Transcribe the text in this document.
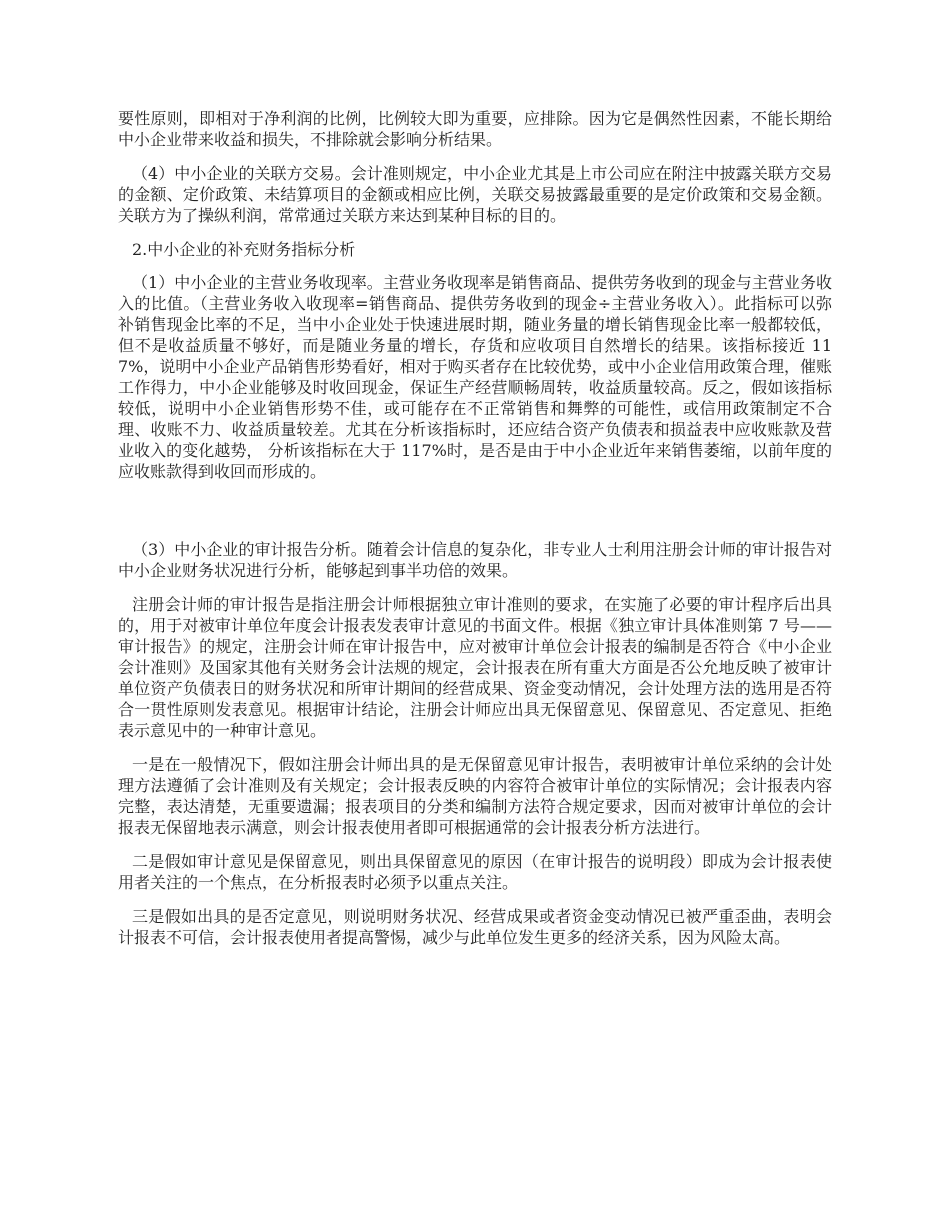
要性原则，即相对于净利润的比例，比例较大即为重要，应排除。因为它是偶然性因素，不能长期给中小企业带来收益和损失，不排除就会影响分析结果。

（4）中小企业的关联方交易。会计准则规定，中小企业尤其是上市公司应在附注中披露关联方交易的金额、定价政策、未结算项目的金额或相应比例，关联交易披露最重要的是定价政策和交易金额。关联方为了操纵利润，常常通过关联方来达到某种目标的目的。

2.中小企业的补充财务指标分析

（1）中小企业的主营业务收现率。主营业务收现率是销售商品、提供劳务收到的现金与主营业务收入的比值。（主营业务收入收现率=销售商品、提供劳务收到的现金÷主营业务收入）。此指标可以弥补销售现金比率的不足，当中小企业处于快速进展时期，随业务量的增长销售现金比率一般都较低，但不是收益质量不够好，而是随业务量的增长，存货和应收项目自然增长的结果。该指标接近 117%，说明中小企业产品销售形势看好，相对于购买者存在比较优势，或中小企业信用政策合理，催账工作得力，中小企业能够及时收回现金，保证生产经营顺畅周转，收益质量较高。反之，假如该指标较低，说明中小企业销售形势不佳，或可能存在不正常销售和舞弊的可能性，或信用政策制定不合理、收账不力、收益质量较差。尤其在分析该指标时，还应结合资产负债表和损益表中应收账款及营业收入的变化越势， 分析该指标在大于 117%时，是否是由于中小企业近年来销售萎缩，以前年度的应收账款得到收回而形成的。

（3）中小企业的审计报告分析。随着会计信息的复杂化，非专业人士利用注册会计师的审计报告对中小企业财务状况进行分析，能够起到事半功倍的效果。

注册会计师的审计报告是指注册会计师根据独立审计准则的要求，在实施了必要的审计程序后出具的，用于对被审计单位年度会计报表发表审计意见的书面文件。根据《独立审计具体准则第 7 号——审计报告》的规定，注册会计师在审计报告中，应对被审计单位会计报表的编制是否符合《中小企业会计准则》及国家其他有关财务会计法规的规定，会计报表在所有重大方面是否公允地反映了被审计单位资产负债表日的财务状况和所审计期间的经营成果、资金变动情况，会计处理方法的选用是否符合一贯性原则发表意见。根据审计结论，注册会计师应出具无保留意见、保留意见、否定意见、拒绝表示意见中的一种审计意见。

一是在一般情况下，假如注册会计师出具的是无保留意见审计报告，表明被审计单位采纳的会计处理方法遵循了会计准则及有关规定；会计报表反映的内容符合被审计单位的实际情况；会计报表内容完整，表达清楚，无重要遗漏；报表项目的分类和编制方法符合规定要求，因而对被审计单位的会计报表无保留地表示满意，则会计报表使用者即可根据通常的会计报表分析方法进行。

二是假如审计意见是保留意见，则出具保留意见的原因（在审计报告的说明段）即成为会计报表使用者关注的一个焦点，在分析报表时必须予以重点关注。

三是假如出具的是否定意见，则说明财务状况、经营成果或者资金变动情况已被严重歪曲，表明会计报表不可信，会计报表使用者提高警惕，减少与此单位发生更多的经济关系，因为风险太高。
